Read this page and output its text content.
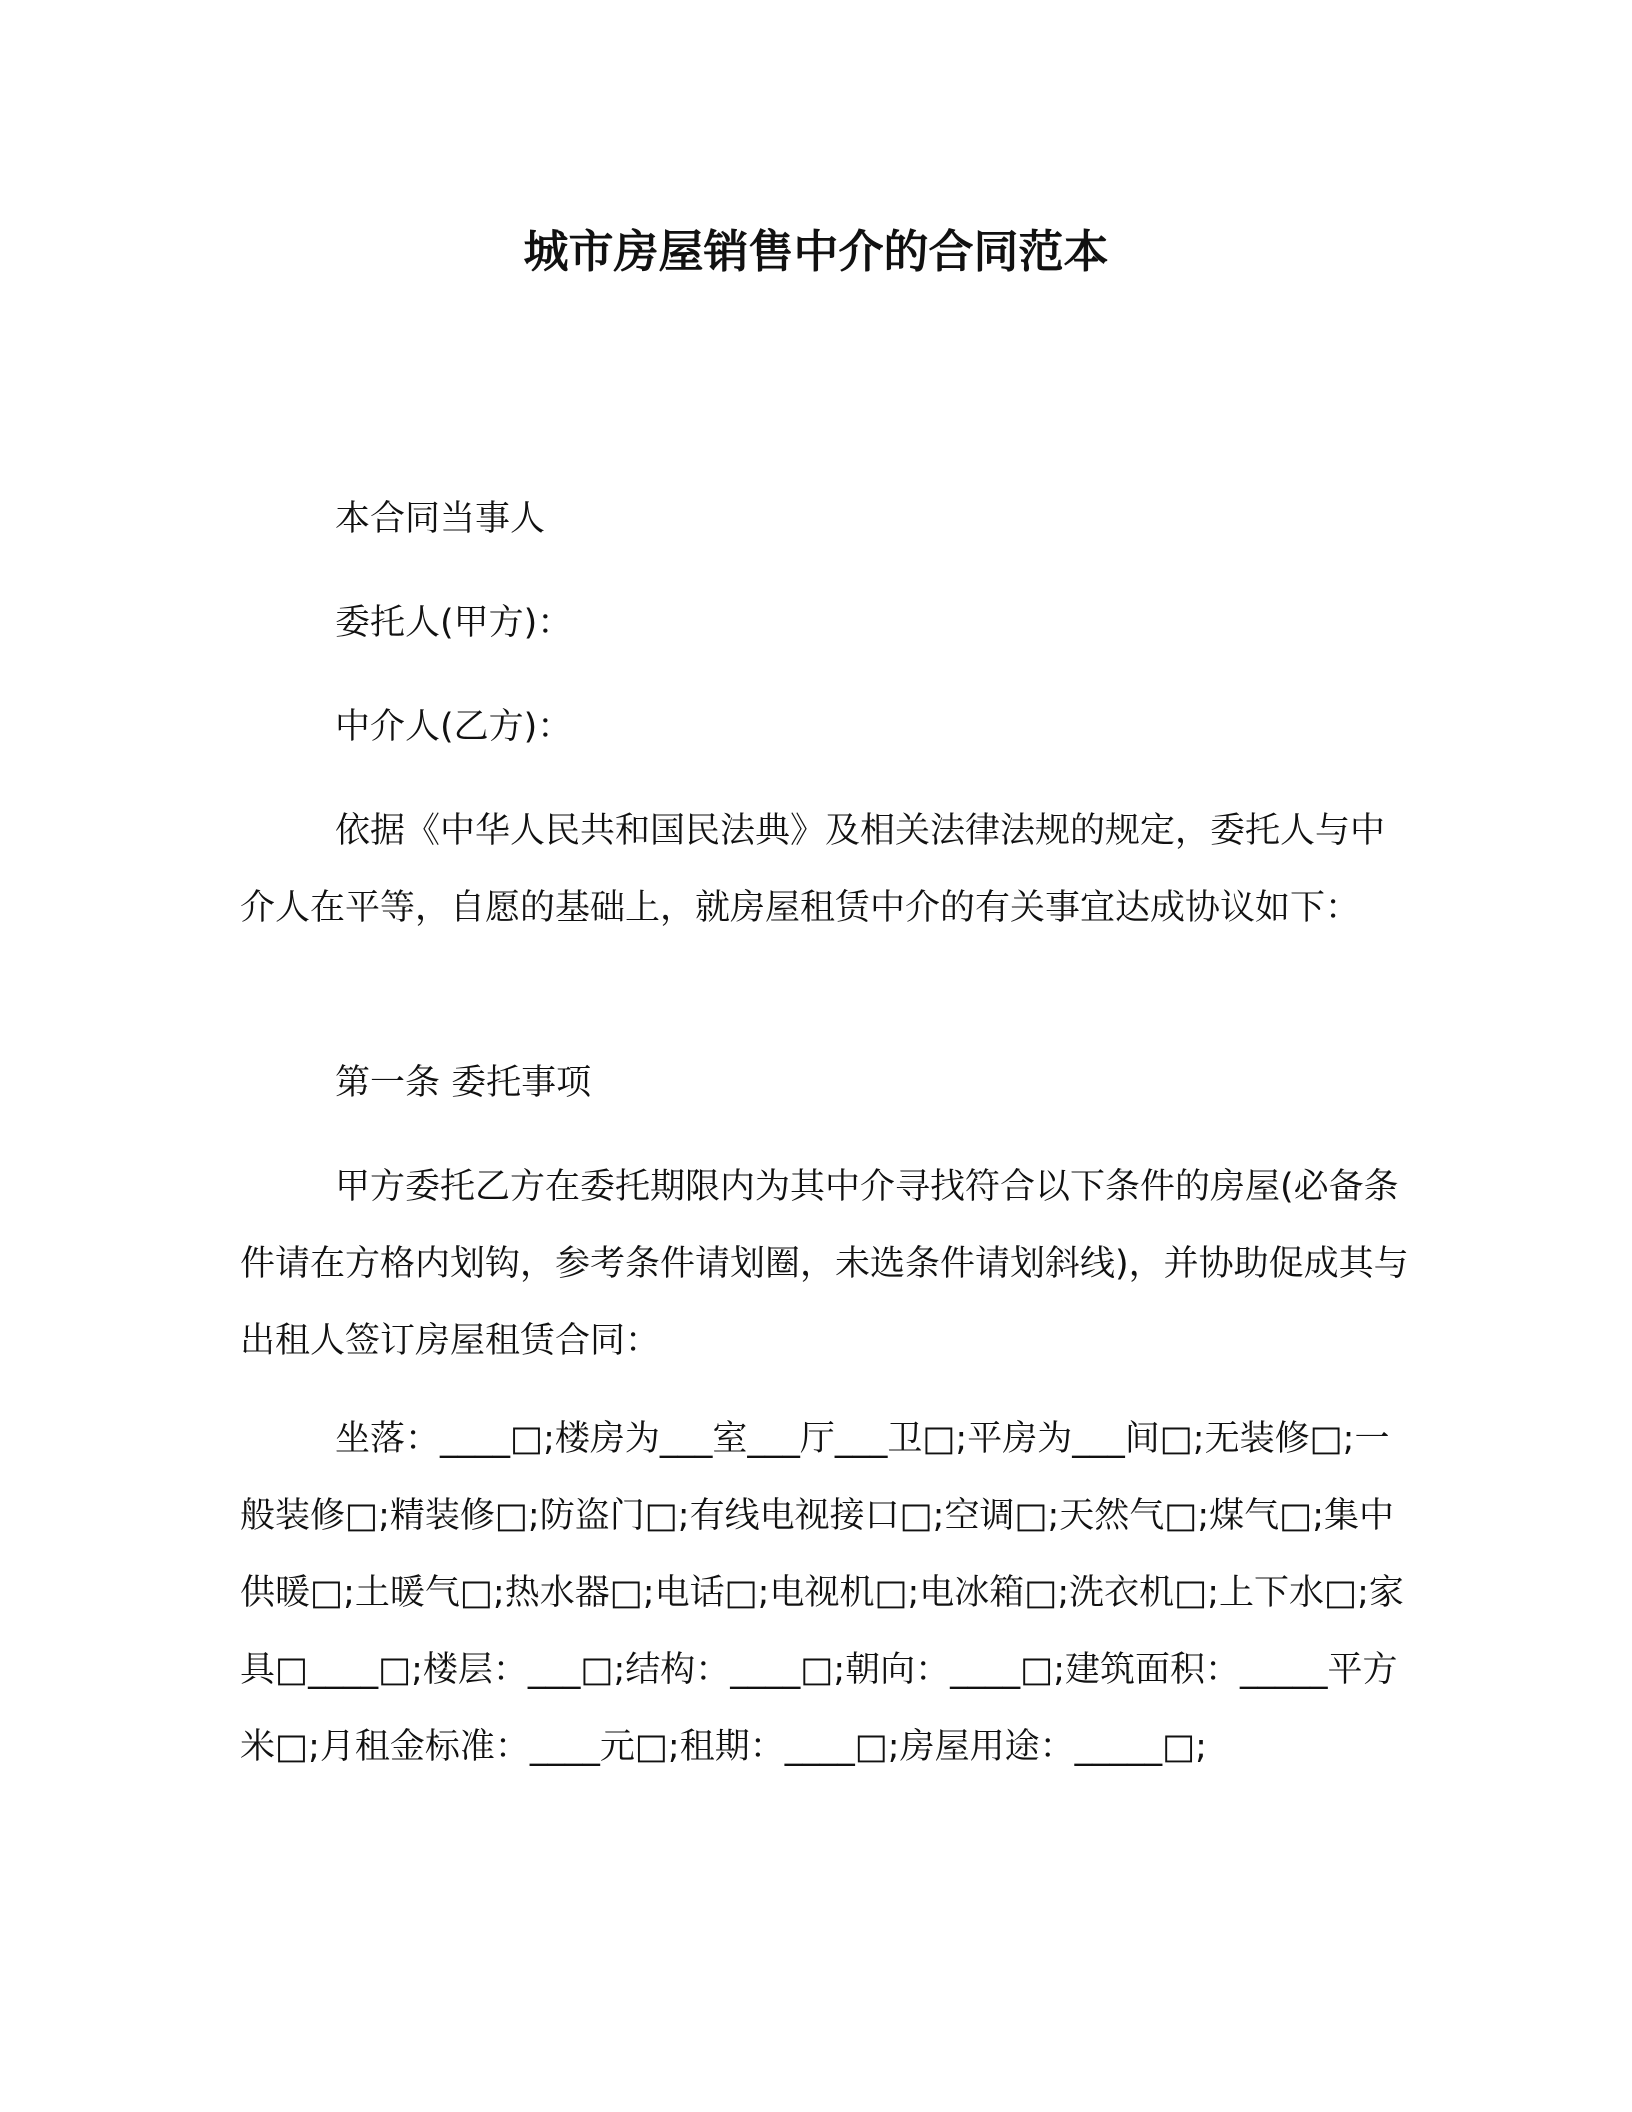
城市房屋销售中介的合同范本

本合同当事人

委托人(甲方)：

中介人(乙方)：

依据《中华人民共和国民法典》及相关法律法规的规定，委托人与中介人在平等，自愿的基础上，就房屋租赁中介的有关事宜达成协议如下：

第一条 委托事项

甲方委托乙方在委托期限内为其中介寻找符合以下条件的房屋(必备条件请在方格内划钩，参考条件请划圈，未选条件请划斜线)，并协助促成其与出租人签订房屋租赁合同：

坐落：____□;楼房为___室___厅___卫□;平房为___间□;无装修□;一般装修□;精装修□;防盗门□;有线电视接口□;空调□;天然气□;煤气□;集中供暖□;土暖气□;热水器□;电话□;电视机□;电冰箱□;洗衣机□;上下水□;家具□____□;楼层：___□;结构：____□;朝向：____□;建筑面积：_____平方米□;月租金标准：____元□;租期：____□;房屋用途：_____□;
